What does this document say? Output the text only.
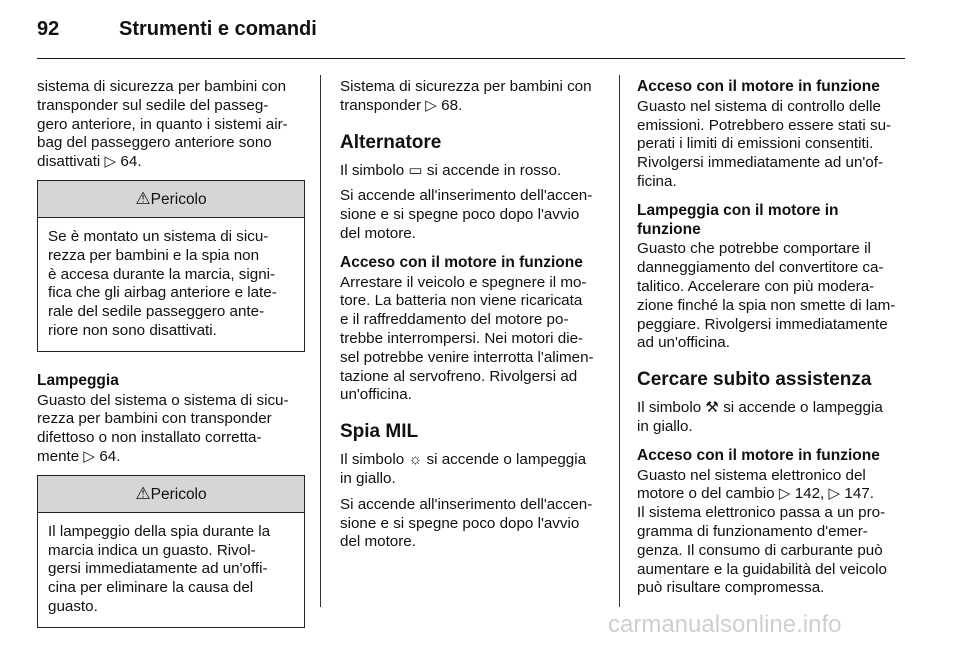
92	Strumenti e comandi

sistema di sicurezza per bambini con
transponder sul sedile del passeg-
gero anteriore, in quanto i sistemi air-
bag del passeggero anteriore sono
disattivati ▷ 64.

⚠Pericolo
Se è montato un sistema di sicu-
rezza per bambini e la spia non
è accesa durante la marcia, signi-
fica che gli airbag anteriore e late-
rale del sedile passeggero ante-
riore non sono disattivati.
Lampeggia

Guasto del sistema o sistema di sicu-
rezza per bambini con transponder
difettoso o non installato corretta-
mente ▷ 64.

⚠Pericolo
Il lampeggio della spia durante la
marcia indica un guasto. Rivol-
gersi immediatamente ad un'offi-
cina per eliminare la causa del
guasto.

Sistema di sicurezza per bambini con
transponder ▷ 68.

Alternatore

Il simbolo ▭ si accende in rosso.

Si accende all'inserimento dell'accen-
sione e si spegne poco dopo l'avvio
del motore.

Acceso con il motore in funzione

Arrestare il veicolo e spegnere il mo-
tore. La batteria non viene ricaricata
e il raffreddamento del motore po-
trebbe interrompersi. Nei motori die-
sel potrebbe venire interrotta l'alimen-
tazione al servofreno. Rivolgersi ad
un'officina.

Spia MIL

Il simbolo ☼ si accende o lampeggia
in giallo.

Si accende all'inserimento dell'accen-
sione e si spegne poco dopo l'avvio
del motore.

Acceso con il motore in funzione

Guasto nel sistema di controllo delle
emissioni. Potrebbero essere stati su-
perati i limiti di emissioni consentiti.
Rivolgersi immediatamente ad un'of-
ficina.

Lampeggia con il motore in
funzione

Guasto che potrebbe comportare il
danneggiamento del convertitore ca-
talitico. Accelerare con più modera-
zione finché la spia non smette di lam-
peggiare. Rivolgersi immediatamente
ad un'officina.

Cercare subito assistenza

Il simbolo ⚒ si accende o lampeggia
in giallo.

Acceso con il motore in funzione

Guasto nel sistema elettronico del
motore o del cambio ▷ 142, ▷ 147.
Il sistema elettronico passa a un pro-
gramma di funzionamento d'emer-
genza. Il consumo di carburante può
aumentare e la guidabilità del veicolo
può risultare compromessa.

carmanualsonline.info
